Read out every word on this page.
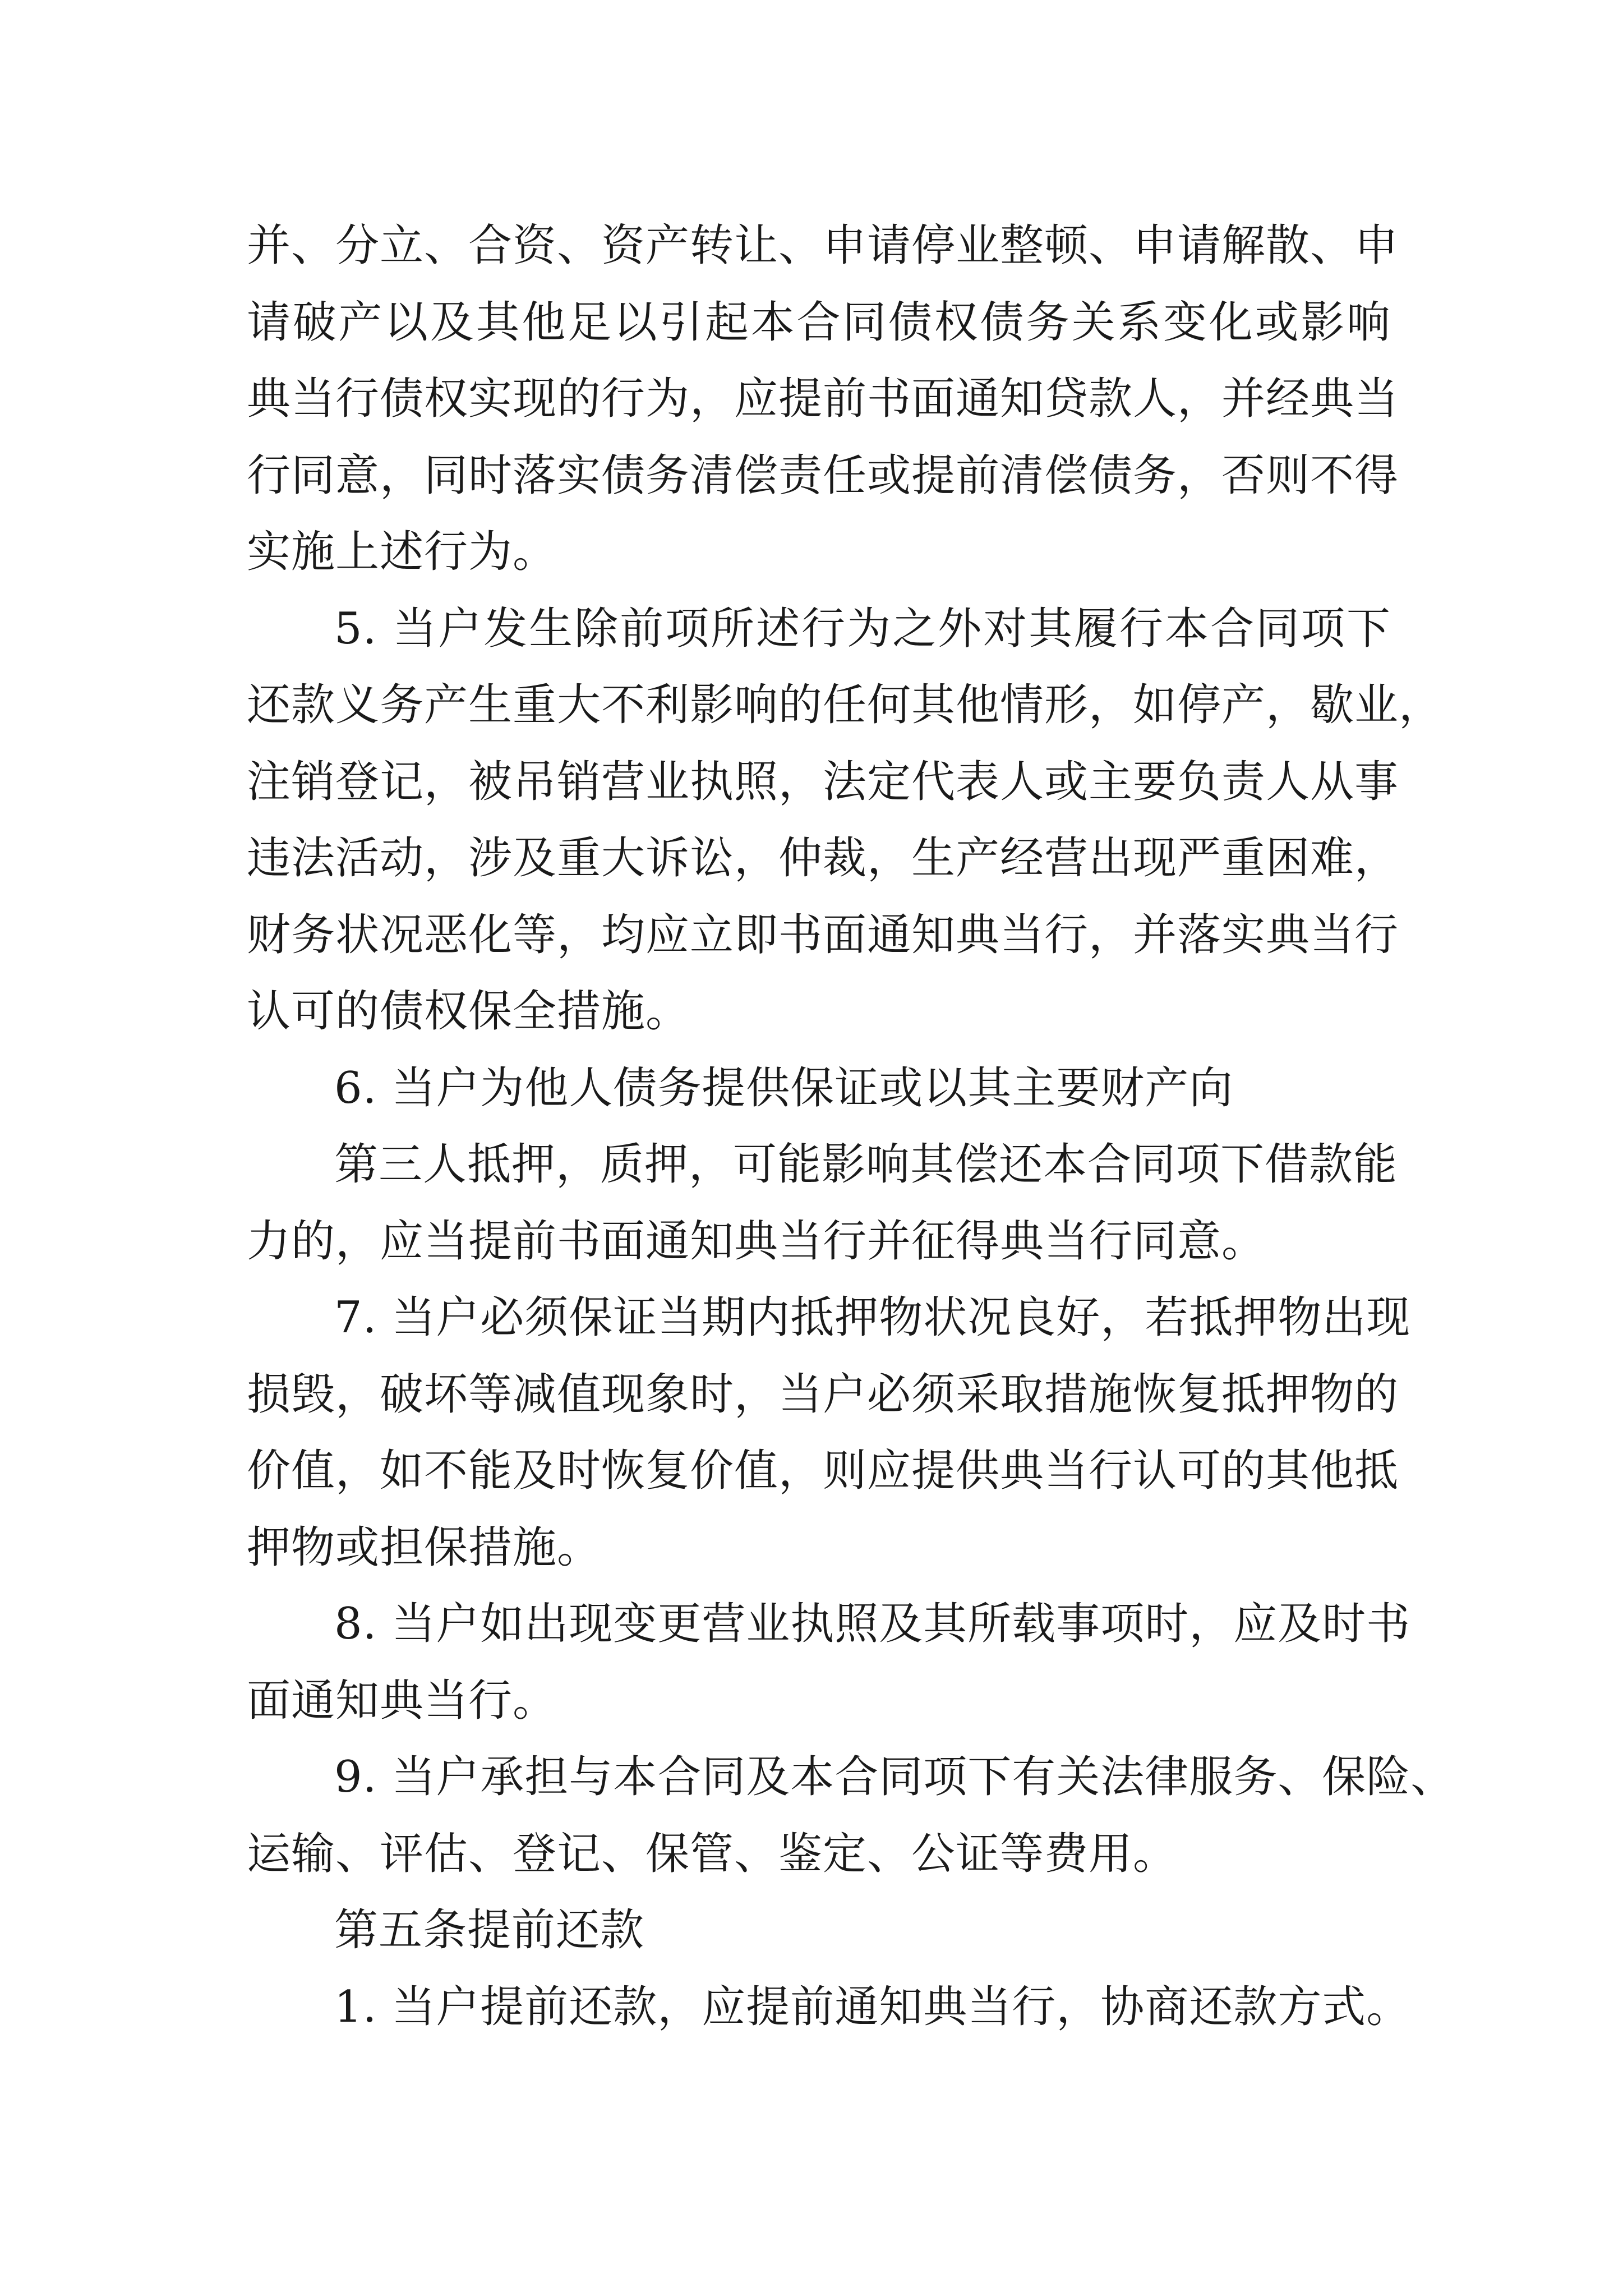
并、分立、合资、资产转让、申请停业整顿、申请解散、申
请破产以及其他足以引起本合同债权债务关系变化或影响
典当行债权实现的行为，应提前书面通知贷款人，并经典当
行同意，同时落实债务清偿责任或提前清偿债务，否则不得
实施上述行为。
5. 当户发生除前项所述行为之外对其履行本合同项下
还款义务产生重大不利影响的任何其他情形，如停产，歇业，
注销登记，被吊销营业执照，法定代表人或主要负责人从事
违法活动，涉及重大诉讼，仲裁，生产经营出现严重困难，
财务状况恶化等，均应立即书面通知典当行，并落实典当行
认可的债权保全措施。
6. 当户为他人债务提供保证或以其主要财产向
第三人抵押，质押，可能影响其偿还本合同项下借款能
力的，应当提前书面通知典当行并征得典当行同意。
7. 当户必须保证当期内抵押物状况良好，若抵押物出现
损毁，破坏等减值现象时，当户必须采取措施恢复抵押物的
价值，如不能及时恢复价值，则应提供典当行认可的其他抵
押物或担保措施。
8. 当户如出现变更营业执照及其所载事项时，应及时书
面通知典当行。
9. 当户承担与本合同及本合同项下有关法律服务、保险、
运输、评估、登记、保管、鉴定、公证等费用。
第五条提前还款
1. 当户提前还款，应提前通知典当行，协商还款方式。
